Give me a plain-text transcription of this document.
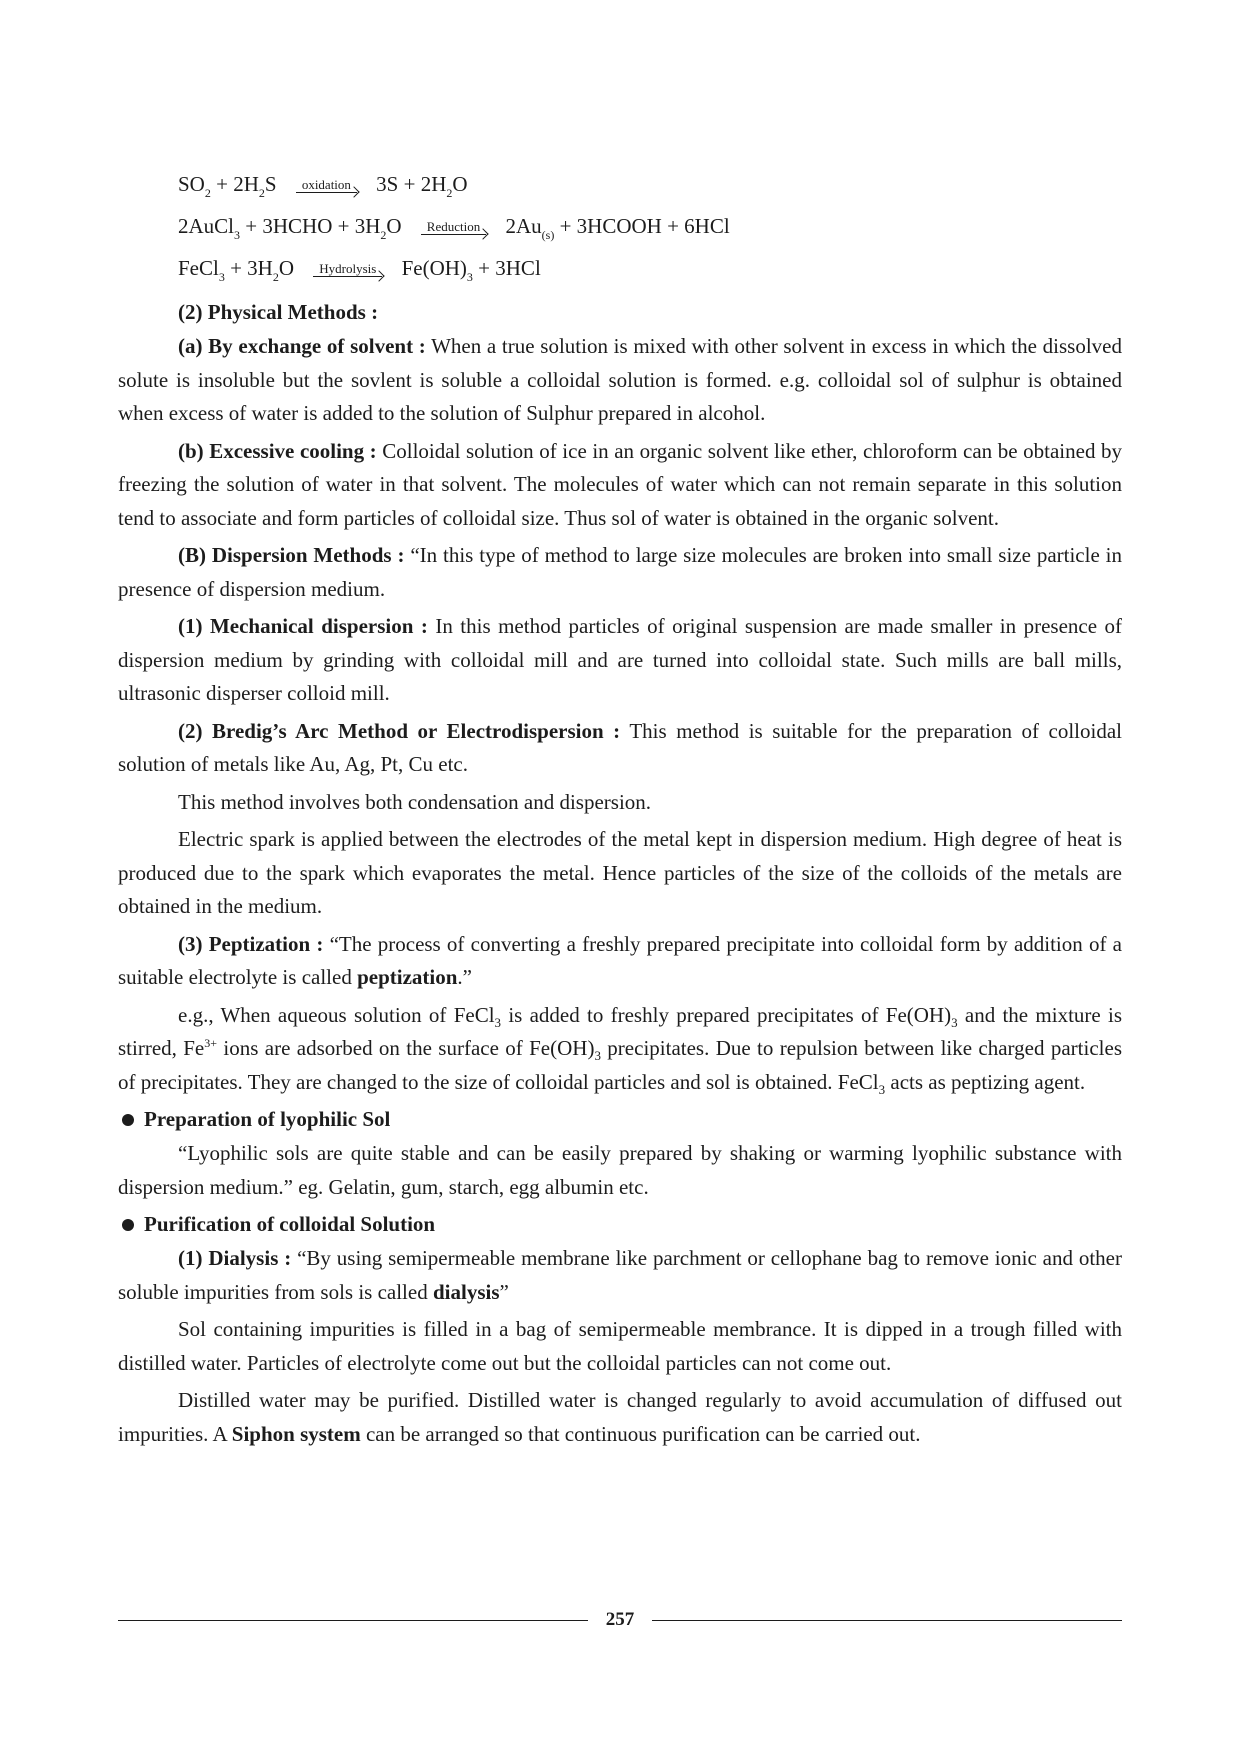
$SO_2 + 2H_2S$	oxidation $3S + 2H_2O$
2AuCl$_3$ + 3HCHO + $3H_2O$	Reduction $2Au_{(s)}$ + 3HCOOH + 6HCl
FeCl$_3$ + $3H_2O$	Hydrolysis $Fe(OH)_3 + 3HCl$
(2) Physical Methods :

(a) By exchange of solvent : When a true solution is mixed with other solvent in excess in which the dissolved solute is insoluble but the sovlent is soluble a colloidal solution is formed. e.g. colloidal sol of sulphur is obtained when excess of water is added to the solution of Sulphur prepared in alcohol.

(b) Excessive cooling : Colloidal solution of ice in an organic solvent like ether, chloroform can be obtained by freezing the solution of water in that solvent. The molecules of water which can not remain separate in this solution tend to associate and form particles of colloidal size. Thus sol of water is obtained in the organic solvent.

(B) Dispersion Methods : “In this type of method to large size molecules are broken into small size particle in presence of dispersion medium.

(1) Mechanical dispersion : In this method particles of original suspension are made smaller in presence of dispersion medium by grinding with colloidal mill and are turned into colloidal state. Such mills are ball mills, ultrasonic disperser colloid mill.

(2) Bredig’s Arc Method or Electrodispersion : This method is suitable for the preparation of colloidal solution of metals like Au, Ag, Pt, Cu etc.

This method involves both condensation and dispersion.

Electric spark is applied between the electrodes of the metal kept in dispersion medium. High degree of heat is produced due to the spark which evaporates the metal. Hence particles of the size of the colloids of the metals are obtained in the medium.

(3) Peptization : “The process of converting a freshly prepared precipitate into colloidal form by addition of a suitable electrolyte is called peptization.”

e.g., When aqueous solution of FeCl$_3$ is added to freshly prepared precipitates of $Fe(OH)_3$ and the mixture is stirred, $Fe^{3+}$ ions are adsorbed on the surface of $Fe(OH)_3$ precipitates. Due to repulsion between like charged particles of precipitates. They are changed to the size of colloidal particles and sol is obtained. FeCl$_3$ acts as peptizing agent.

Preparation of lyophilic Sol

“Lyophilic sols are quite stable and can be easily prepared by shaking or warming lyophilic substance with dispersion medium.” eg. Gelatin, gum, starch, egg albumin etc.

Purification of colloidal Solution

(1) Dialysis : “By using semipermeable membrane like parchment or cellophane bag to remove ionic and other soluble impurities from sols is called dialysis”

Sol containing impurities is filled in a bag of semipermeable membrance. It is dipped in a trough filled with distilled water. Particles of electrolyte come out but the colloidal particles can not come out.

Distilled water may be purified. Distilled water is changed regularly to avoid accumulation of diffused out impurities. A Siphon system can be arranged so that continuous purification can be carried out.

257
